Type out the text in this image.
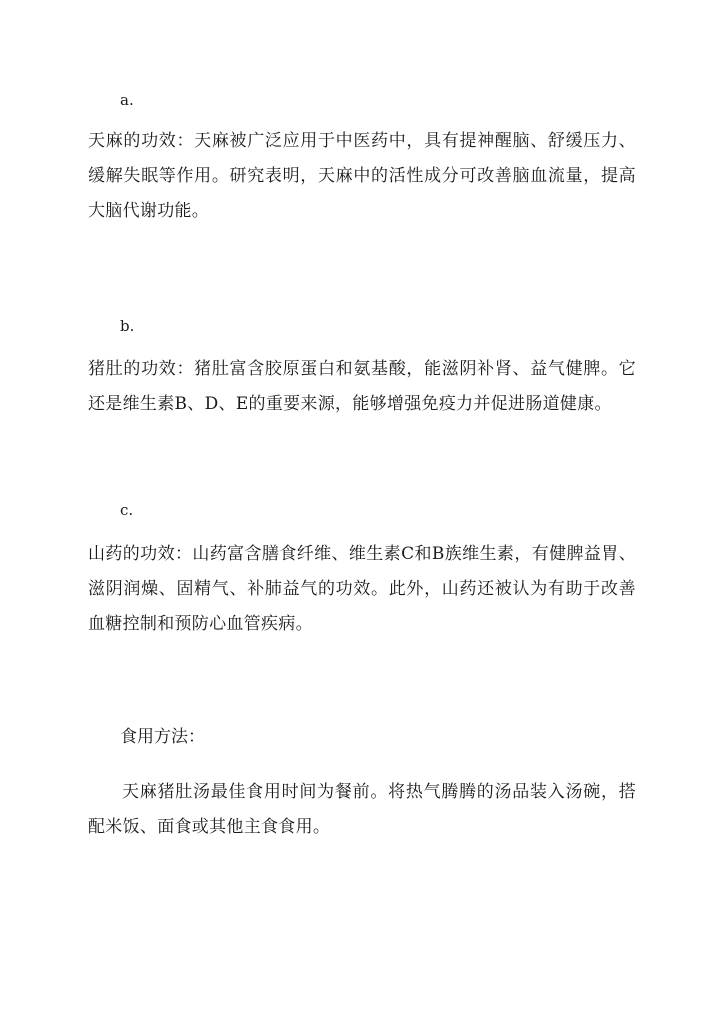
a.
天麻的功效：天麻被广泛应用于中医药中，具有提神醒脑、舒缓压力、缓解失眠等作用。研究表明，天麻中的活性成分可改善脑血流量，提高大脑代谢功能。
b.
猪肚的功效：猪肚富含胶原蛋白和氨基酸，能滋阴补肾、益气健脾。它还是维生素B、D、E的重要来源，能够增强免疫力并促进肠道健康。
c.
山药的功效：山药富含膳食纤维、维生素C和B族维生素，有健脾益胃、滋阴润燥、固精气、补肺益气的功效。此外，山药还被认为有助于改善血糖控制和预防心血管疾病。
食用方法：
天麻猪肚汤最佳食用时间为餐前。将热气腾腾的汤品装入汤碗，搭配米饭、面食或其他主食食用。
